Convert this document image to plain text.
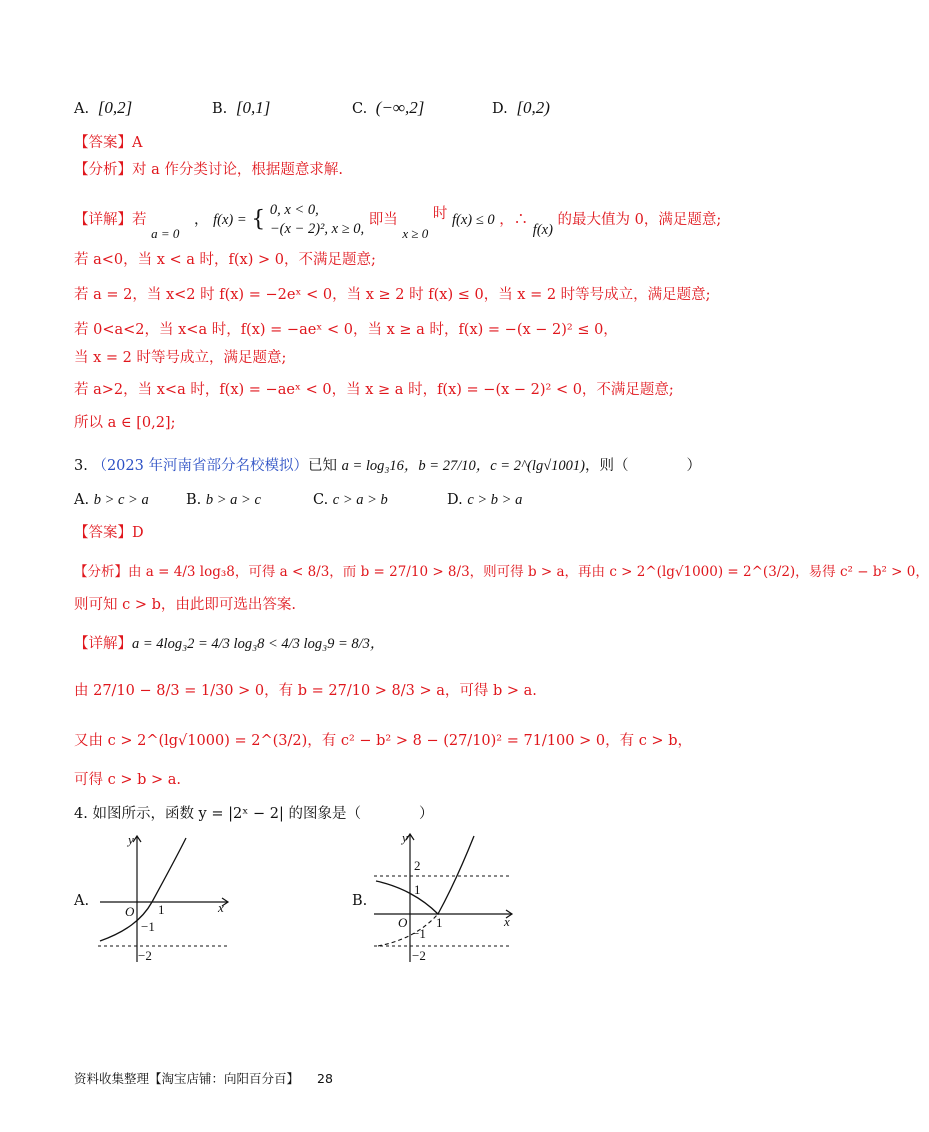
A. [0,2]	B. [0,1]	C. (−∞,2]	D. [0,2)
【答案】A
【分析】对 a 作分类讨论，根据题意求解.
【详解】若 a = 0 ， f(x) = { 0, x < 0,
−(x − 2)², x ≥ 0,
即当 x ≥ 0 时 f(x) ≤ 0 ，∴ f(x) 的最大值为 0，满足题意;
若 a<0，当 x < a 时，f(x) > 0，不满足题意;
若 a = 2，当 x<2 时 f(x) = −2eˣ < 0，当 x ≥ 2 时 f(x) ≤ 0，当 x = 2 时等号成立，满足题意;
若 0<a<2，当 x<a 时，f(x) = −aeˣ < 0，当 x ≥ a 时，f(x) = −(x − 2)² ≤ 0，
当 x = 2 时等号成立，满足题意;
若 a>2，当 x<a 时，f(x) = −aeˣ < 0，当 x ≥ a 时，f(x) = −(x − 2)² < 0，不满足题意;
所以 a ∈ [0,2];
3. （2023 年河南省部分名校模拟）已知 a = log₃16，b = 27/10，c = 2^(lg√1001)，则（　　　　）
A. b > c > a	B. b > a > c	C. c > a > b	D. c > b > a
【答案】D
【分析】由 a = 4/3 log₃8，可得 a < 8/3，而 b = 27/10 > 8/3，则可得 b > a，再由 c > 2^(lg√1000) = 2^(3/2)，易得 c² − b² > 0，
则可知 c > b，由此即可选出答案.
【详解】a = 4log₃2 = 4/3 log₃8 < 4/3 log₃9 = 8/3，
由 27/10 − 8/3 = 1/30 > 0，有 b = 27/10 > 8/3 > a，可得 b > a.
又由 c > 2^(lg√1000) = 2^(3/2)，有 c² − b² > 8 − (27/10)² = 71/100 > 0，有 c > b，
可得 c > b > a.
4. 如图所示，函数 y = |2ˣ − 2| 的图象是（　　　　）
A.
y
x
O 1
−1
−2
B.
y
x
O
2
1
1
−1
−2
资料收集整理【淘宝店铺：向阳百分百】 28
